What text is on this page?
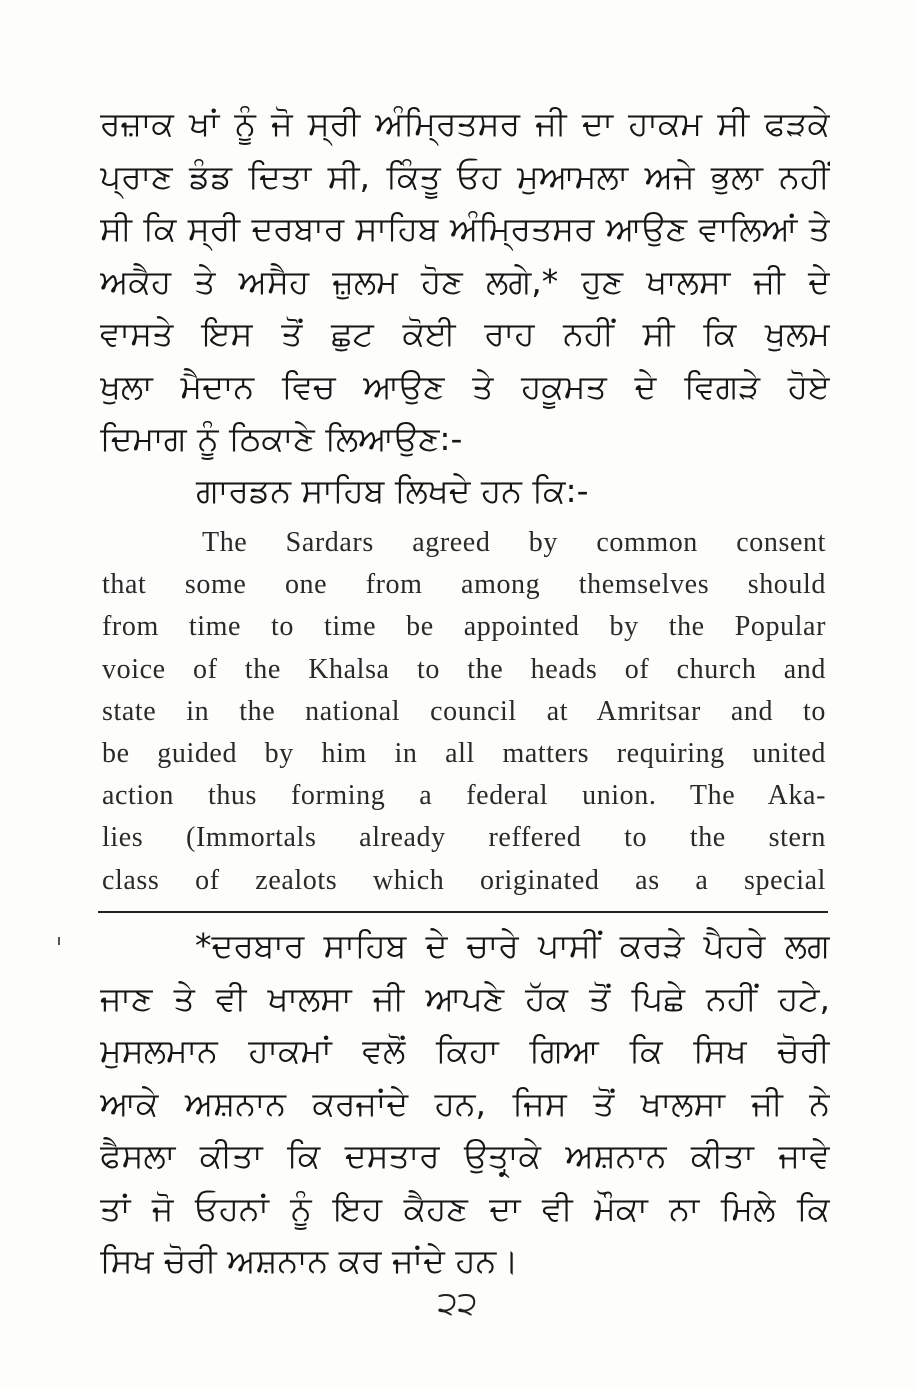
ਰਜ਼ਾਕ ਖਾਂ ਨੂੰ ਜੋ ਸ੍ਰੀ ਅੰਮ੍ਰਿਤਸਰ ਜੀ ਦਾ ਹਾਕਮ ਸੀ ਫੜਕੇ
ਪ੍ਰਾਣ ਡੰਡ ਦਿਤਾ ਸੀ, ਕਿੰਤੂ ਓਹ ਮੁਆਮਲਾ ਅਜੇ ਭੁਲਾ ਨਹੀਂ
ਸੀ ਕਿ ਸ੍ਰੀ ਦਰਬਾਰ ਸਾਹਿਬ ਅੰਮ੍ਰਿਤਸਰ ਆਉਣ ਵਾਲਿਆਂ ਤੇ
ਅਕੈਹ ਤੇ ਅਸੈਹ ਜ਼ੁਲਮ ਹੋਣ ਲਗੇ,* ਹੁਣ ਖਾਲਸਾ ਜੀ ਦੇ
ਵਾਸਤੇ ਇਸ ਤੋਂ ਛੁਟ ਕੋਈ ਰਾਹ ਨਹੀਂ ਸੀ ਕਿ ਖੁਲਮ
ਖੁਲਾ ਮੈਦਾਨ ਵਿਚ ਆਉਣ ਤੇ ਹਕੂਮਤ ਦੇ ਵਿਗੜੇ ਹੋਏ
ਦਿਮਾਗ ਨੂੰ ਠਿਕਾਣੇ ਲਿਆਉਣ:-
ਗਾਰਡਨ ਸਾਹਿਬ ਲਿਖਦੇ ਹਨ ਕਿ:-
The Sardars agreed by common consent
that some one from among themselves should
from time to time be appointed by the Popular
voice of the Khalsa to the heads of church and
state in the national council at Amritsar and to
be guided by him in all matters requiring united
action thus forming a federal union. The Aka-
lies (Immortals already reffered to the stern
class of zealots which originated as a special
*ਦਰਬਾਰ ਸਾਹਿਬ ਦੇ ਚਾਰੇ ਪਾਸੀਂ ਕਰੜੇ ਪੈਹਰੇ ਲਗ
ਜਾਣ ਤੇ ਵੀ ਖਾਲਸਾ ਜੀ ਆਪਣੇ ਹੱਕ ਤੋਂ ਪਿਛੇ ਨਹੀਂ ਹਟੇ,
ਮੁਸਲਮਾਨ ਹਾਕਮਾਂ ਵਲੋਂ ਕਿਹਾ ਗਿਆ ਕਿ ਸਿਖ ਚੋਰੀ
ਆਕੇ ਅਸ਼ਨਾਨ ਕਰਜਾਂਦੇ ਹਨ, ਜਿਸ ਤੋਂ ਖਾਲਸਾ ਜੀ ਨੇ
ਫੈਸਲਾ ਕੀਤਾ ਕਿ ਦਸਤਾਰ ਉਤਾਰ੍ਕੇ ਅਸ਼ਨਾਨ ਕੀਤਾ ਜਾਵੇ
ਤਾਂ ਜੋ ਓਹਨਾਂ ਨੂੰ ਇਹ ਕੈਹਣ ਦਾ ਵੀ ਮੌਕਾ ਨਾ ਮਿਲੇ ਕਿ
ਸਿਖ ਚੋਰੀ ਅਸ਼ਨਾਨ ਕਰ ਜਾਂਦੇ ਹਨ।
੨੨
